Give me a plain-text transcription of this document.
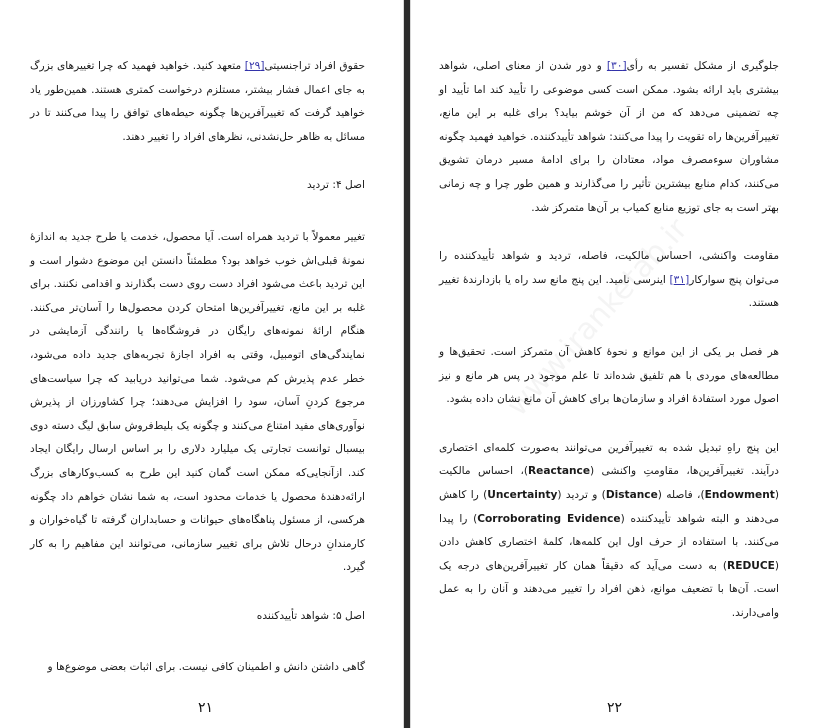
حقوق افراد تراجنسیتی[۲۹] متعهد کنید. خواهید فهمید که چرا تغییرهای بزرگ به جای اعمال فشار بیشتر، مستلزم درخواست کمتری هستند. همین‌طور یاد خواهید گرفت که تغییرآفرین‌ها چگونه حیطه‌های توافق را پیدا می‌کنند تا در مسائل به ظاهر حل‌نشدنی، نظرهای افراد را تغییر دهند.

اصل ۴: تردید

تغییر معمولاً با تردید همراه است. آیا محصول، خدمت یا طرح جدید به اندازهٔ نمونهٔ قبلی‌اش خوب خواهد بود؟ مطمئناً دانستن این موضوع دشوار است و این تردید باعث می‌شود افراد دست روی دست بگذارند و اقدامی نکنند. برای غلبه بر این مانع، تغییرآفرین‌ها امتحان کردن محصول‌ها را آسان‌تر می‌کنند. هنگام ارائهٔ نمونه‌های رایگان در فروشگاه‌ها یا رانندگی آزمایشی در نمایندگی‌های اتومبیل، وقتی به افراد اجازهٔ تجربه‌های جدید داده می‌شود، خطر عدم پذیرش کم می‌شود. شما می‌توانید دریابید که چرا سیاست‌های مرجوع کردنِ آسان، سود را افزایش می‌دهند؛ چرا کشاورزان از پذیرش نوآوری‌های مفید امتناع می‌کنند و چگونه یک بلیط‌فروش سابق لیگ دسته دوی بیسبال توانست تجارتی یک میلیارد دلاری را بر اساس ارسال رایگان ایجاد کند. ازآنجایی‌که ممکن است گمان کنید این طرح به کسب‌وکارهای بزرگ ارائه‌دهندهٔ محصول یا خدمات محدود است، به شما نشان خواهم داد چگونه هرکسی، از مسئول پناهگاه‌های حیوانات و حسابداران گرفته تا گیاه‌خواران و کارمندانِ درحال تلاش برای تغییر سازمانی، می‌توانند این مفاهیم را به کار گیرد.

اصل ۵: شواهد تأییدکننده

گاهی داشتن دانش و اطمینان کافی نیست. برای اثبات بعضی موضوع‌ها و

۲۱

جلوگیری از مشکل تفسیر به رأی[۳۰] و دور شدن از معنای اصلی، شواهد بیشتری باید ارائه بشود. ممکن است کسی موضوعی را تأیید کند اما تأیید او چه تضمینی می‌دهد که من از آن خوشم بیاید؟ برای غلبه بر این مانع، تغییرآفرین‌ها راه تقویت را پیدا می‌کنند: شواهد تأییدکننده. خواهید فهمید چگونه مشاوران سوءمصرف مواد، معتادان را برای ادامهٔ مسیر درمان تشویق می‌کنند، کدام منابع بیشترین تأثیر را می‌گذارند و همین طور چرا و چه زمانی بهتر است به جای توزیع منابع کمیاب بر آن‌ها متمرکز شد.

مقاومت واکنشی، احساس مالکیت، فاصله، تردید و شواهد تأییدکننده را می‌توان پنج سوارکار[۳۱] اینرسی نامید. این پنج مانع سد راه یا بازدارندهٔ تغییر هستند.

هر فصل بر یکی از این موانع و نحوهٔ کاهش آن متمرکز است. تحقیق‌ها و مطالعه‌های موردی با هم تلفیق شده‌اند تا علم موجود در پس هر مانع و نیز اصول مورد استفادهٔ افراد و سازمان‌ها برای کاهش آن مانع نشان داده بشود.

این پنج راهِ تبدیل شده به تغییرآفرین می‌توانند به‌صورت کلمه‌ای اختصاری درآیند. تغییرآفرین‌ها، مقاومتِ واکنشی (Reactance)، احساس مالکیت (Endowment)، فاصله (Distance) و تردید (Uncertainty) را کاهش می‌دهند و البته شواهد تأییدکننده (Corroborating Evidence) را پیدا می‌کنند. با استفاده از حرف اول این کلمه‌ها، کلمهٔ اختصاری کاهش دادن (REDUCE) به دست می‌آید که دقیقاً همان کار تغییرآفرین‌های درجه یک است. آن‌ها با تضعیف موانع، ذهن افراد را تغییر می‌دهند و آنان را به عمل وامی‌دارند.

۲۲
